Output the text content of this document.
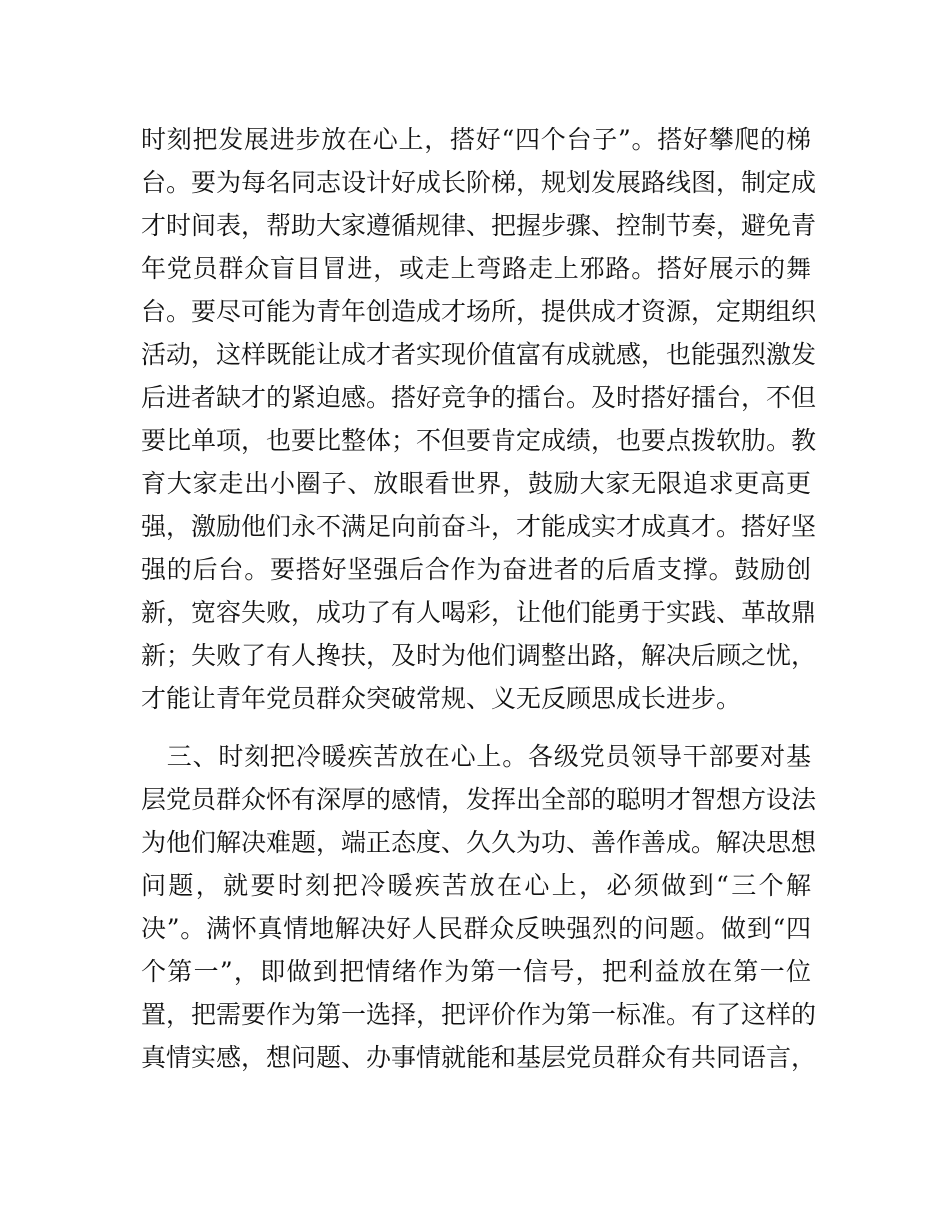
时刻把发展进步放在心上，搭好“四个台子”。搭好攀爬的梯
台。要为每名同志设计好成长阶梯，规划发展路线图，制定成
才时间表，帮助大家遵循规律、把握步骤、控制节奏，避免青
年党员群众盲目冒进，或走上弯路走上邪路。搭好展示的舞
台。要尽可能为青年创造成才场所，提供成才资源，定期组织
活动，这样既能让成才者实现价值富有成就感，也能强烈激发
后进者缺才的紧迫感。搭好竞争的擂台。及时搭好擂台，不但
要比单项，也要比整体；不但要肯定成绩，也要点拨软肋。教
育大家走出小圈子、放眼看世界，鼓励大家无限追求更高更
强，激励他们永不满足向前奋斗，才能成实才成真才。搭好坚
强的后台。要搭好坚强后合作为奋进者的后盾支撑。鼓励创
新，宽容失败，成功了有人喝彩，让他们能勇于实践、革故鼎
新；失败了有人搀扶，及时为他们调整出路，解决后顾之忧，
才能让青年党员群众突破常规、义无反顾思成长进步。
　三、时刻把冷暖疾苦放在心上。各级党员领导干部要对基
层党员群众怀有深厚的感情，发挥出全部的聪明才智想方设法
为他们解决难题，端正态度、久久为功、善作善成。解决思想
问题，就要时刻把冷暖疾苦放在心上，必须做到“三个解
决”。满怀真情地解决好人民群众反映强烈的问题。做到“四
个第一”，即做到把情绪作为第一信号，把利益放在第一位
置，把需要作为第一选择，把评价作为第一标准。有了这样的
真情实感，想问题、办事情就能和基层党员群众有共同语言，
